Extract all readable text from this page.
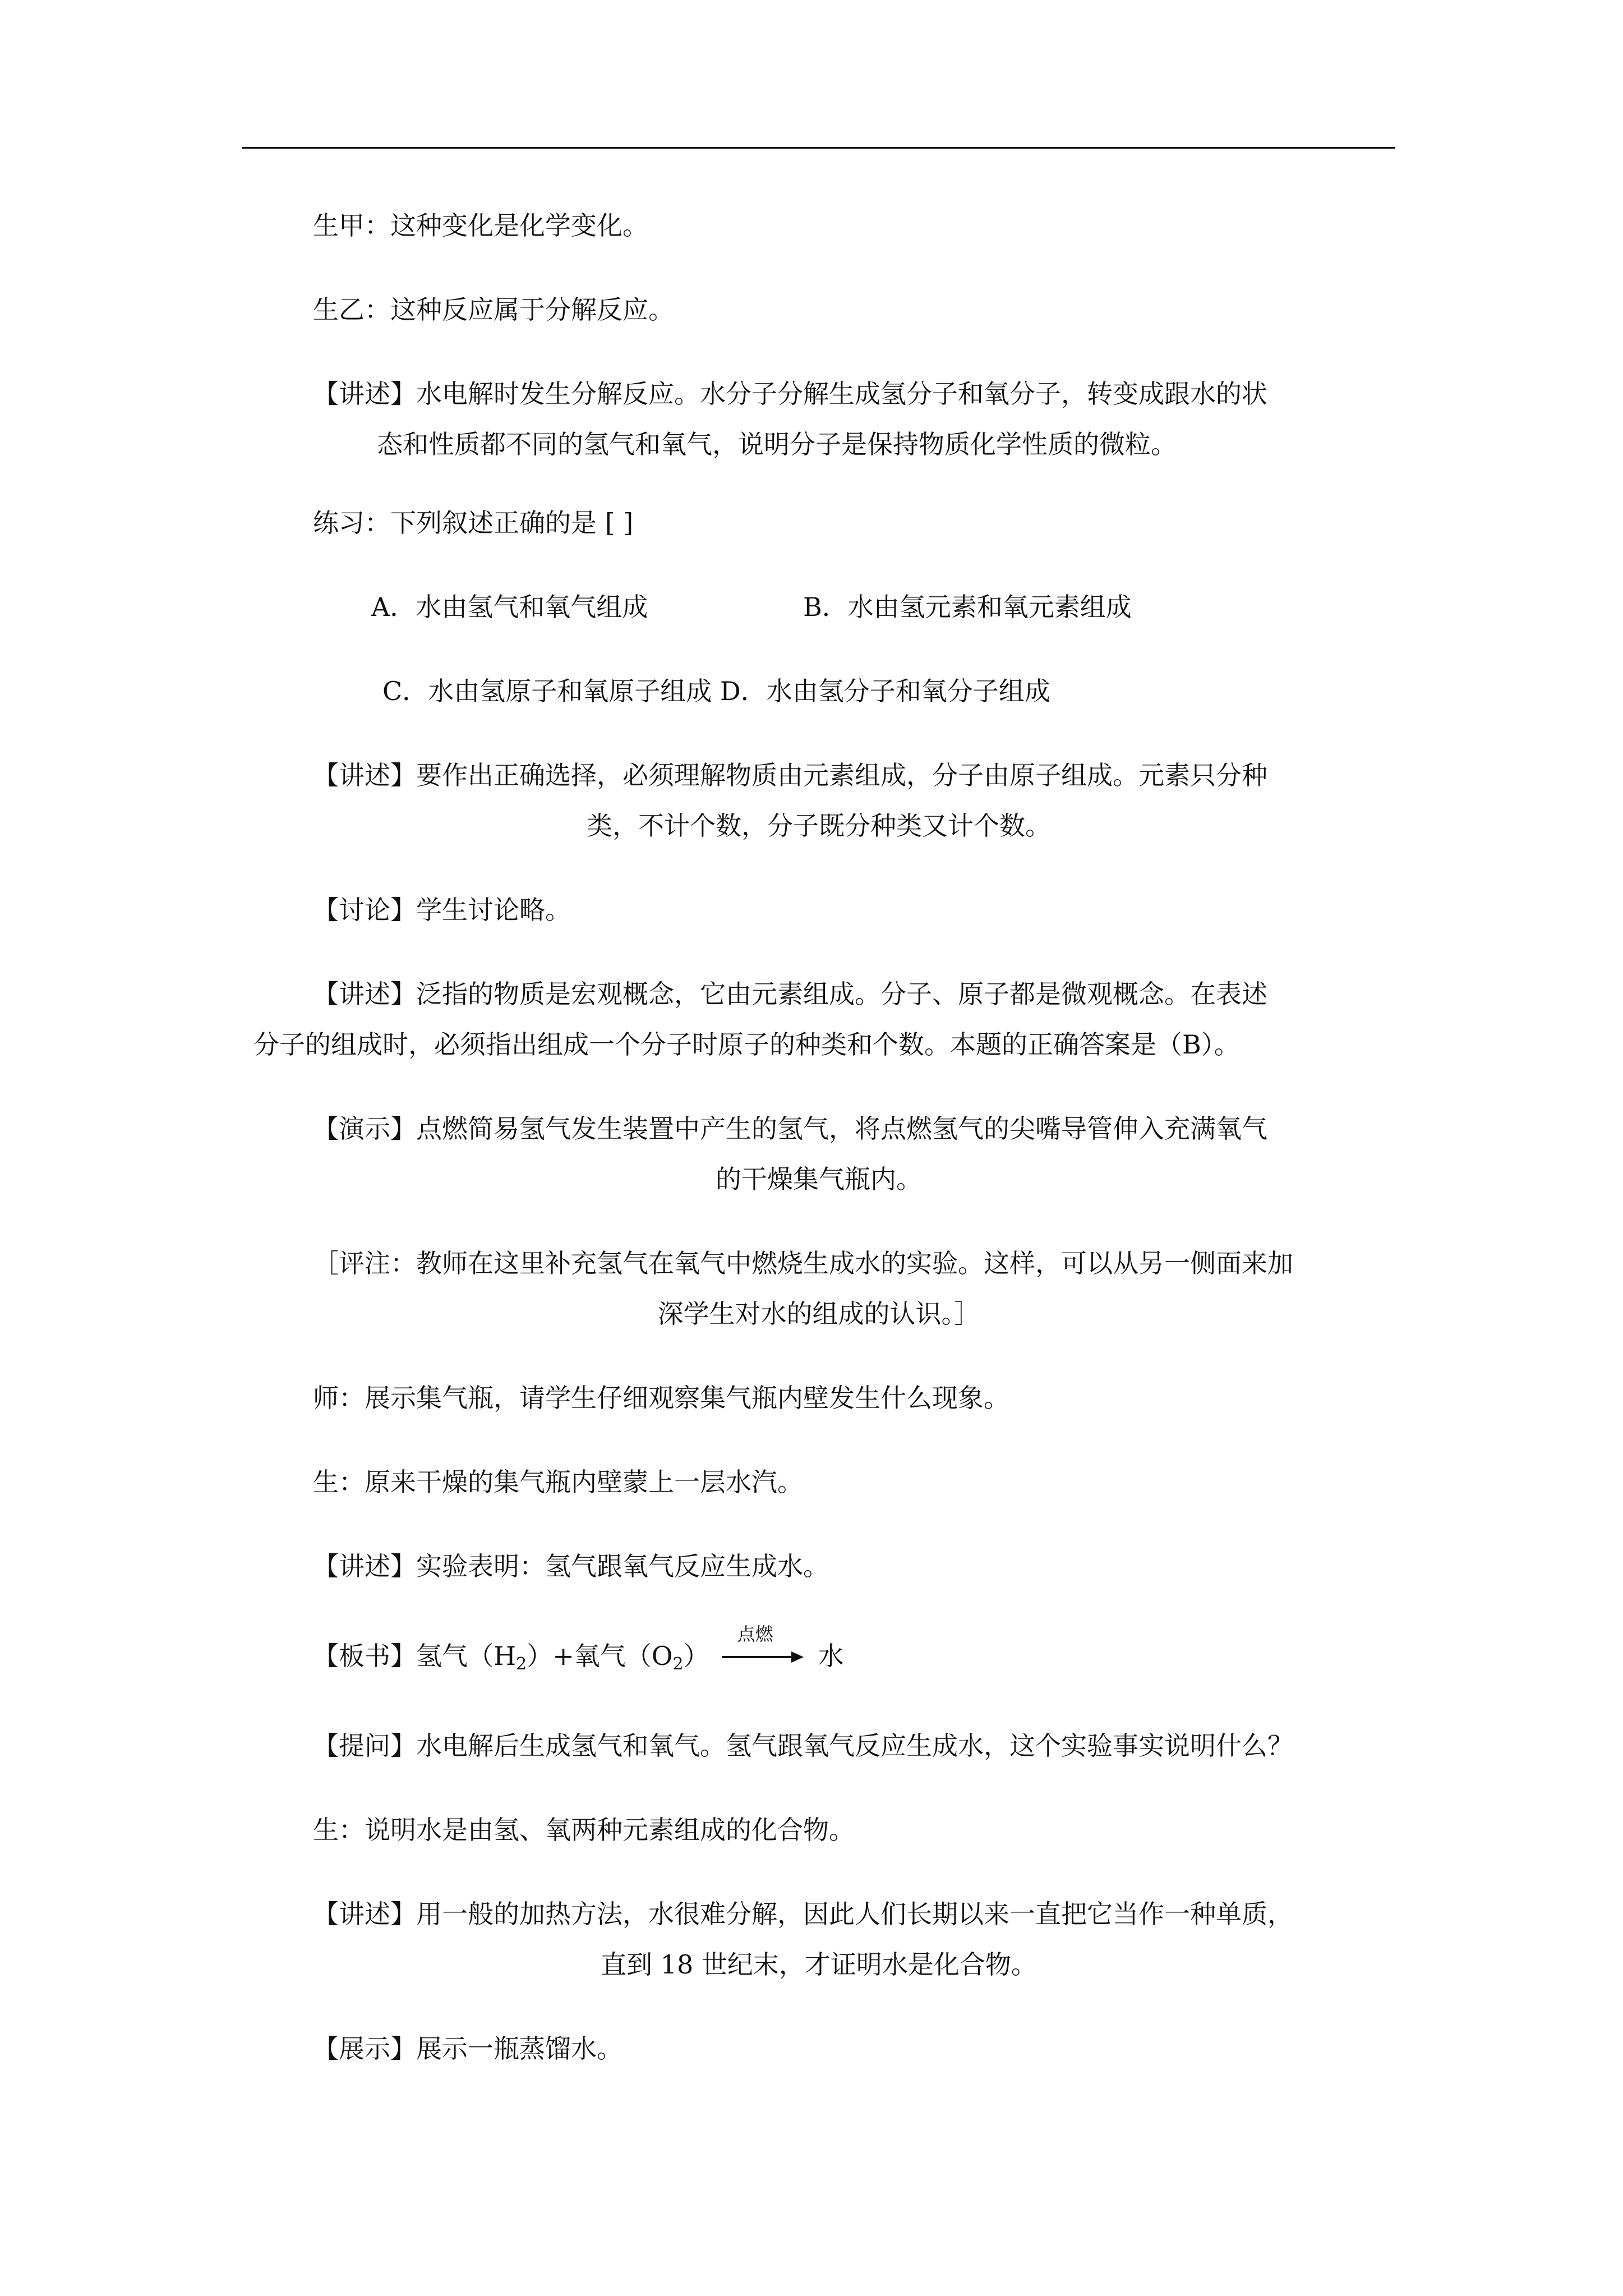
生甲：这种变化是化学变化。

生乙：这种反应属于分解反应。

【讲述】水电解时发生分解反应。水分子分解生成氢分子和氧分子，转变成跟水的状

态和性质都不同的氢气和氧气，说明分子是保持物质化学性质的微粒。

练习：下列叙述正确的是 [ ]

A．水由氢气和氧气组成	B．水由氢元素和氧元素组成

C．水由氢原子和氧原子组成 D．水由氢分子和氧分子组成

【讲述】要作出正确选择，必须理解物质由元素组成，分子由原子组成。元素只分种

类，不计个数，分子既分种类又计个数。

【讨论】学生讨论略。

【讲述】泛指的物质是宏观概念，它由元素组成。分子、原子都是微观概念。在表述

分子的组成时，必须指出组成一个分子时原子的种类和个数。本题的正确答案是（B）。

【演示】点燃简易氢气发生装置中产生的氢气，将点燃氢气的尖嘴导管伸入充满氧气

的干燥集气瓶内。

［评注：教师在这里补充氢气在氧气中燃烧生成水的实验。这样，可以从另一侧面来加

深学生对水的组成的认识。］

师：展示集气瓶，请学生仔细观察集气瓶内壁发生什么现象。

生：原来干燥的集气瓶内壁蒙上一层水汽。

【讲述】实验表明：氢气跟氧气反应生成水。

【板书】氢气$(H_2)+$氧气$(O_2)$
点燃
水

【提问】水电解后生成氢气和氧气。氢气跟氧气反应生成水，这个实验事实说明什么？

生：说明水是由氢、氧两种元素组成的化合物。

【讲述】用一般的加热方法，水很难分解，因此人们长期以来一直把它当作一种单质，

直到 18 世纪末，才证明水是化合物。

【展示】展示一瓶蒸馏水。
